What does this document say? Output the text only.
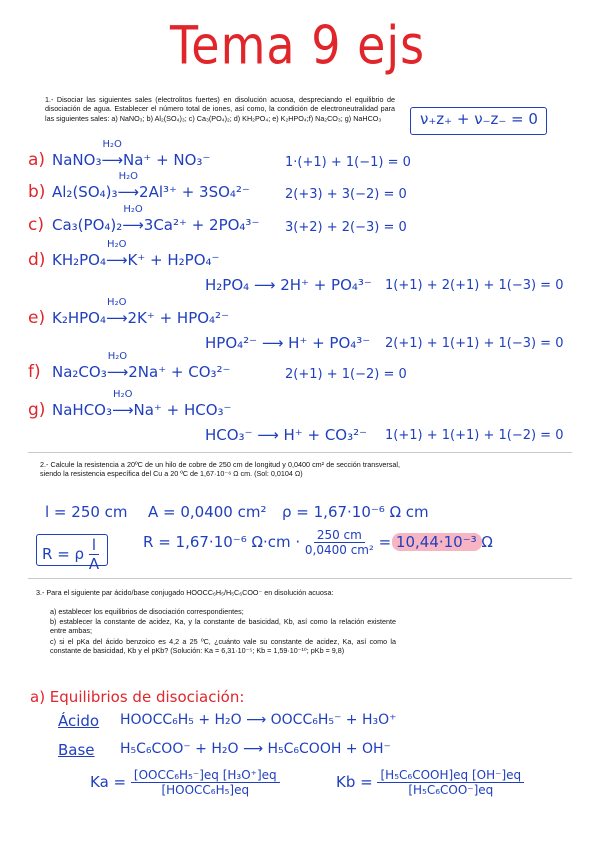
Tema 9 ejs
1.- Disociar las siguientes sales (electrolitos fuertes) en disolución acuosa, despreciando el equilibrio de disociación de agua. Establecer el número total de iones, así como, la condición de electroneutralidad para las siguientes sales: a) NaNO₃; b) Al₂(SO₄)₃; c) Ca₃(PO₄)₂; d) KH₂PO₄; e) K₂HPO₄;f) Na₂CO₃; g) NaHCO₃	ν₊z₊ + ν₋z₋ = 0
a) NaNO₃⟶
H₂O
Na⁺ + NO₃⁻	1·(+1) + 1(−1) = 0
b) Al₂(SO₄)₃⟶
H₂O
2Al³⁺ + 3SO₄²⁻	2(+3) + 3(−2) = 0
c) Ca₃(PO₄)₂⟶
H₂O
3Ca²⁺ + 2PO₄³⁻ 3(+2) + 2(−3) = 0
d) KH₂PO₄⟶
H₂O
K⁺ + H₂PO₄⁻
H₂PO₄ ⟶ 2H⁺ + PO₄³⁻ 1(+1) + 2(+1) + 1(−3) = 0
e) K₂HPO₄⟶
H₂O
2K⁺ + HPO₄²⁻
HPO₄²⁻ ⟶ H⁺ + PO₄³⁻ 2(+1) + 1(+1) + 1(−3) = 0
f) Na₂CO₃⟶
H₂O
2Na⁺ + CO₃²⁻	2(+1) + 1(−2) = 0
g) NaHCO₃⟶
H₂O
Na⁺ + HCO₃⁻
HCO₃⁻ ⟶ H⁺ + CO₃²⁻ 1(+1) + 1(+1) + 1(−2) = 0
2.- Calcule la resistencia a 20ºC de un hilo de cobre de 250 cm de longitud y 0,0400 cm² de sección transversal, siendo la resistencia específica del Cu a 20 ºC de 1,67·10⁻⁶ Ω cm. (Sol: 0,0104 Ω)
l = 250 cm A = 0,0400 cm² ρ = 1,67·10⁻⁶ Ω cm
R = ρ $\frac{l}{A}$	R = 1,67·10⁻⁶ $\Omega\cdot cm \cdot \frac{250 cm}{\text{0,0400 cm²}} = 10,44\cdot 10^{-3}$ Ω
3.- Para el siguiente par ácido/base conjugado HOOCC₆H₅/H₅C₆COO⁻ en disolución acuosa:
a) establecer los equilibrios de disociación correspondientes;
b) establecer la constante de acidez, Ka, y la constante de basicidad, Kb, así como la relación existente entre ambas;
c) si el pKa del ácido benzoico es 4,2 a 25 ºC, ¿cuánto vale su constante de acidez, Ka, así como la constante de basicidad, Kb y el pKb? (Solución: Ka = 6,31·10⁻⁵; Kb = 1,59·10⁻¹⁰; pKb = 9,8)
a) Equilibrios de disociación:
Ácido HOOCC₆H₅ + H₂O ⟶ OOCC₆H₅⁻ + H₃O⁺
Base H₅C₆COO⁻ + H₂O ⟶ H₅C₆COOH + OH⁻
$Ka = \frac{\text{[OOCC₆H₅⁻]eq [H₃O⁺]eq}}{\text{[HOOCC₆H₅]eq}}$	$Kb = \frac{\text{[H₅C₆COOH]eq [OH⁻]eq}}{\text{[H₅C₆COO⁻]eq}}$
